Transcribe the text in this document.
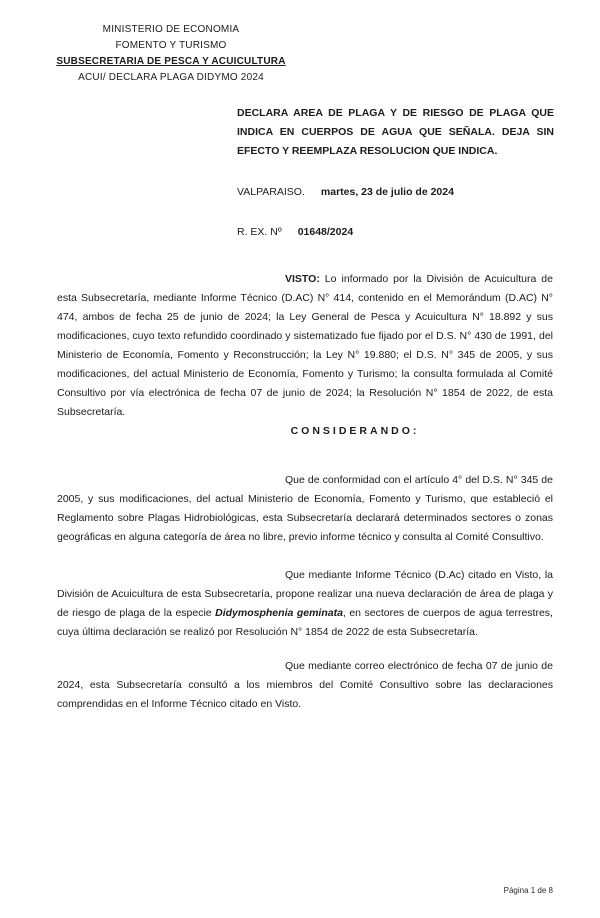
MINISTERIO DE ECONOMIA
FOMENTO Y TURISMO
SUBSECRETARIA DE PESCA Y ACUICULTURA
ACUI/ DECLARA PLAGA DIDYMO 2024
DECLARA AREA DE PLAGA Y DE RIESGO DE PLAGA QUE INDICA EN CUERPOS DE AGUA QUE SEÑALA. DEJA SIN EFECTO Y REEMPLAZA RESOLUCION QUE INDICA.
VALPARAISO. martes, 23 de julio de 2024
R. EX. Nº 01648/2024

VISTO: Lo informado por la División de Acuicultura de esta Subsecretaría, mediante Informe Técnico (D.AC) N° 414, contenido en el Memorándum (D.AC) N° 474, ambos de fecha 25 de junio de 2024; la Ley General de Pesca y Acuicultura N° 18.892 y sus modificaciones, cuyo texto refundido coordinado y sistematizado fue fijado por el D.S. N° 430 de 1991, del Ministerio de Economía, Fomento y Reconstrucción; la Ley N° 19.880; el D.S. N° 345 de 2005, y sus modificaciones, del actual Ministerio de Economía, Fomento y Turismo; la consulta formulada al Comité Consultivo por vía electrónica de fecha 07 de junio de 2024; la Resolución N° 1854 de 2022, de esta Subsecretaría.

CONSIDERANDO:

Que de conformidad con el artículo 4° del D.S. N° 345 de 2005, y sus modificaciones, del actual Ministerio de Economía, Fomento y Turismo, que estableció el Reglamento sobre Plagas Hidrobiológicas, esta Subsecretaría declarará determinados sectores o zonas geográficas en alguna categoría de área no libre, previo informe técnico y consulta al Comité Consultivo.

Que mediante Informe Técnico (D.Ac) citado en Visto, la División de Acuicultura de esta Subsecretaría, propone realizar una nueva declaración de área de plaga y de riesgo de plaga de la especie Didymosphenia geminata, en sectores de cuerpos de agua terrestres, cuya última declaración se realizó por Resolución N° 1854 de 2022 de esta Subsecretaría.

Que mediante correo electrónico de fecha 07 de junio de 2024, esta Subsecretaría consultó a los miembros del Comité Consultivo sobre las declaraciones comprendidas en el Informe Técnico citado en Visto.

Página 1 de 8
